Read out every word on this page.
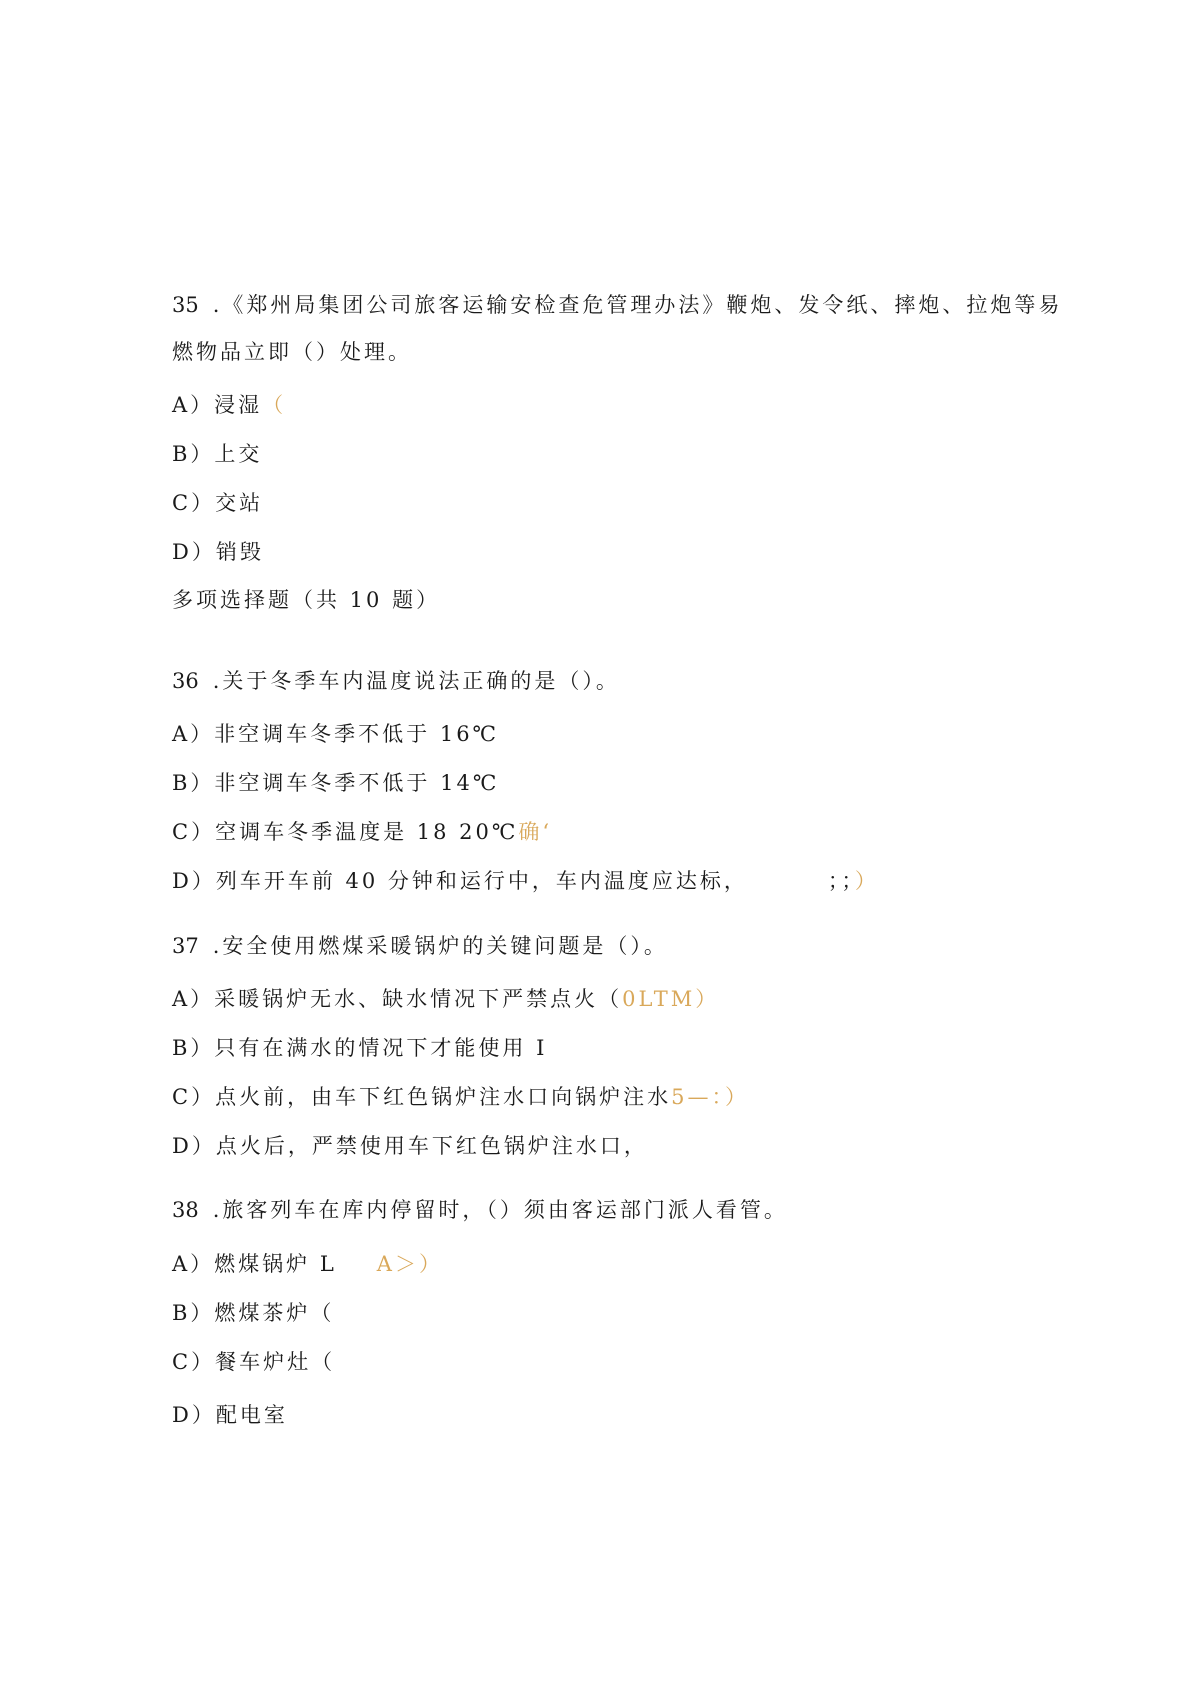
35 .《郑州局集团公司旅客运输安检查危管理办法》鞭炮、发令纸、摔炮、拉炮等易
燃物品立即（）处理。
A）浸湿（
B）上交
C）交站
D）销毁
多项选择题（共 10 题）
36 .关于冬季车内温度说法正确的是（）。
A）非空调车冬季不低于 16℃
B）非空调车冬季不低于 14℃
C）空调车冬季温度是 18 20℃确‘
D）列车开车前 40 分钟和运行中，车内温度应达标，	；；）
37 .安全使用燃煤采暖锅炉的关键问题是（）。
A）采暖锅炉无水、缺水情况下严禁点火（0LTM）
B）只有在满水的情况下才能使用 I
C）点火前，由车下红色锅炉注水口向锅炉注水5—：）
D）点火后，严禁使用车下红色锅炉注水口，
38 .旅客列车在库内停留时，（）须由客运部门派人看管。
A）燃煤锅炉 L A＞）
B）燃煤茶炉（
C）餐车炉灶（
D）配电室
